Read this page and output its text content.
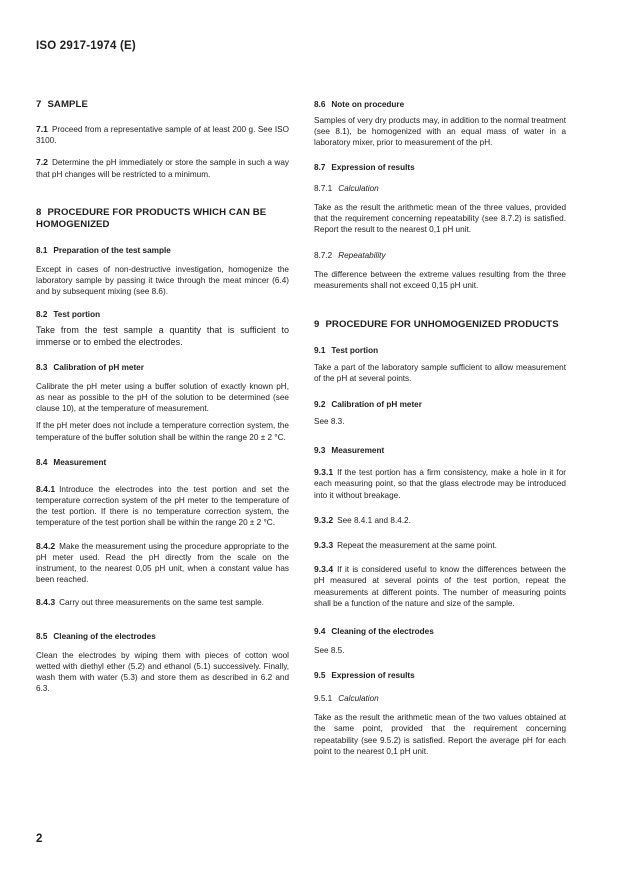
ISO 2917-1974 (E)
7 SAMPLE

7.1 Proceed from a representative sample of at least 200 g. See ISO 3100.

7.2 Determine the pH immediately or store the sample in such a way that pH changes will be restricted to a minimum.

8 PROCEDURE FOR PRODUCTS WHICH CAN BE HOMOGENIZED
8.1 Preparation of the test sample

Except in cases of non-destructive investigation, homogenize the laboratory sample by passing it twice through the meat mincer (6.4) and by subsequent mixing (see 8.6).

8.2 Test portion

Take from the test sample a quantity that is sufficient to immerse or to embed the electrodes.

8.3 Calibration of pH meter

Calibrate the pH meter using a buffer solution of exactly known pH, as near as possible to the pH of the solution to be determined (see clause 10), at the temperature of measurement.

If the pH meter does not include a temperature correction system, the temperature of the buffer solution shall be within the range 20 ± 2 °C.

8.4 Measurement

8.4.1 Introduce the electrodes into the test portion and set the temperature correction system of the pH meter to the temperature of the test portion. If there is no temperature correction system, the temperature of the test portion shall be within the range 20 ± 2 °C.

8.4.2 Make the measurement using the procedure appropriate to the pH meter used. Read the pH directly from the scale on the instrument, to the nearest 0,05 pH unit, when a constant value has been reached.

8.4.3 Carry out three measurements on the same test sample.

8.5 Cleaning of the electrodes

Clean the electrodes by wiping them with pieces of cotton wool wetted with diethyl ether (5.2) and ethanol (5.1) successively. Finally, wash them with water (5.3) and store them as described in 6.2 and 6.3.

8.6 Note on procedure

Samples of very dry products may, in addition to the normal treatment (see 8.1), be homogenized with an equal mass of water in a laboratory mixer, prior to measurement of the pH.

8.7 Expression of results
8.7.1 Calculation

Take as the result the arithmetic mean of the three values, provided that the requirement concerning repeatability (see 8.7.2) is satisfied. Report the result to the nearest 0,1 pH unit.

8.7.2 Repeatability

The difference between the extreme values resulting from the three measurements shall not exceed 0,15 pH unit.

9 PROCEDURE FOR UNHOMOGENIZED PRODUCTS
9.1 Test portion

Take a part of the laboratory sample sufficient to allow measurement of the pH at several points.

9.2 Calibration of pH meter

See 8.3.

9.3 Measurement

9.3.1 If the test portion has a firm consistency, make a hole in it for each measuring point, so that the glass electrode may be introduced into it without breakage.

9.3.2 See 8.4.1 and 8.4.2.

9.3.3 Repeat the measurement at the same point.

9.3.4 If it is considered useful to know the differences between the pH measured at several points of the test portion, repeat the measurements at different points. The number of measuring points shall be a function of the nature and size of the sample.

9.4 Cleaning of the electrodes

See 8.5.

9.5 Expression of results
9.5.1 Calculation

Take as the result the arithmetic mean of the two values obtained at the same point, provided that the requirement concerning repeatability (see 9.5.2) is satisfied. Report the average pH for each point to the nearest 0,1 pH unit.

2
